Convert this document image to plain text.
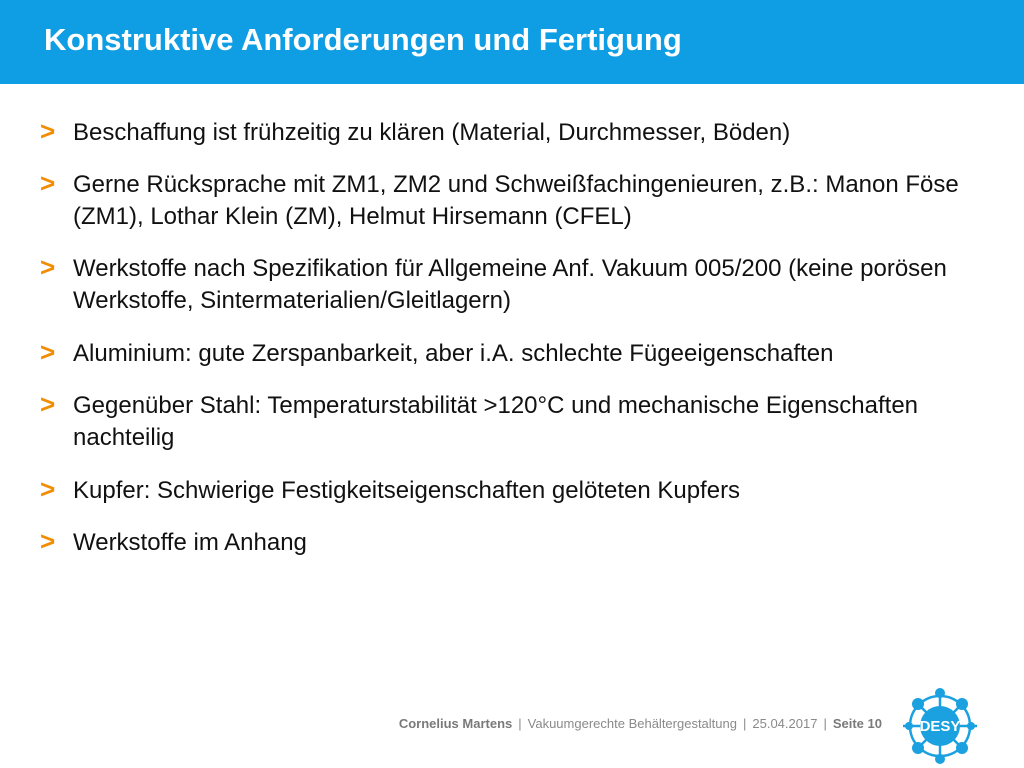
Konstruktive Anforderungen und Fertigung
> Beschaffung ist frühzeitig zu klären (Material, Durchmesser, Böden)
> Gerne Rücksprache mit ZM1, ZM2 und Schweißfachingenieuren, z.B.: Manon Föse (ZM1), Lothar Klein (ZM), Helmut Hirsemann (CFEL)
> Werkstoffe nach Spezifikation für Allgemeine Anf. Vakuum 005/200 (keine porösen Werkstoffe, Sintermaterialien/Gleitlagern)
> Aluminium: gute Zerspanbarkeit, aber i.A. schlechte Fügeeigenschaften
> Gegenüber Stahl: Temperaturstabilität >120°C und mechanische Eigenschaften nachteilig
> Kupfer: Schwierige Festigkeitseigenschaften gelöteten Kupfers
> Werkstoffe im Anhang
Cornelius Martens | Vakuumgerechte Behältergestaltung | 25.04.2017 | Seite 10	DESY
